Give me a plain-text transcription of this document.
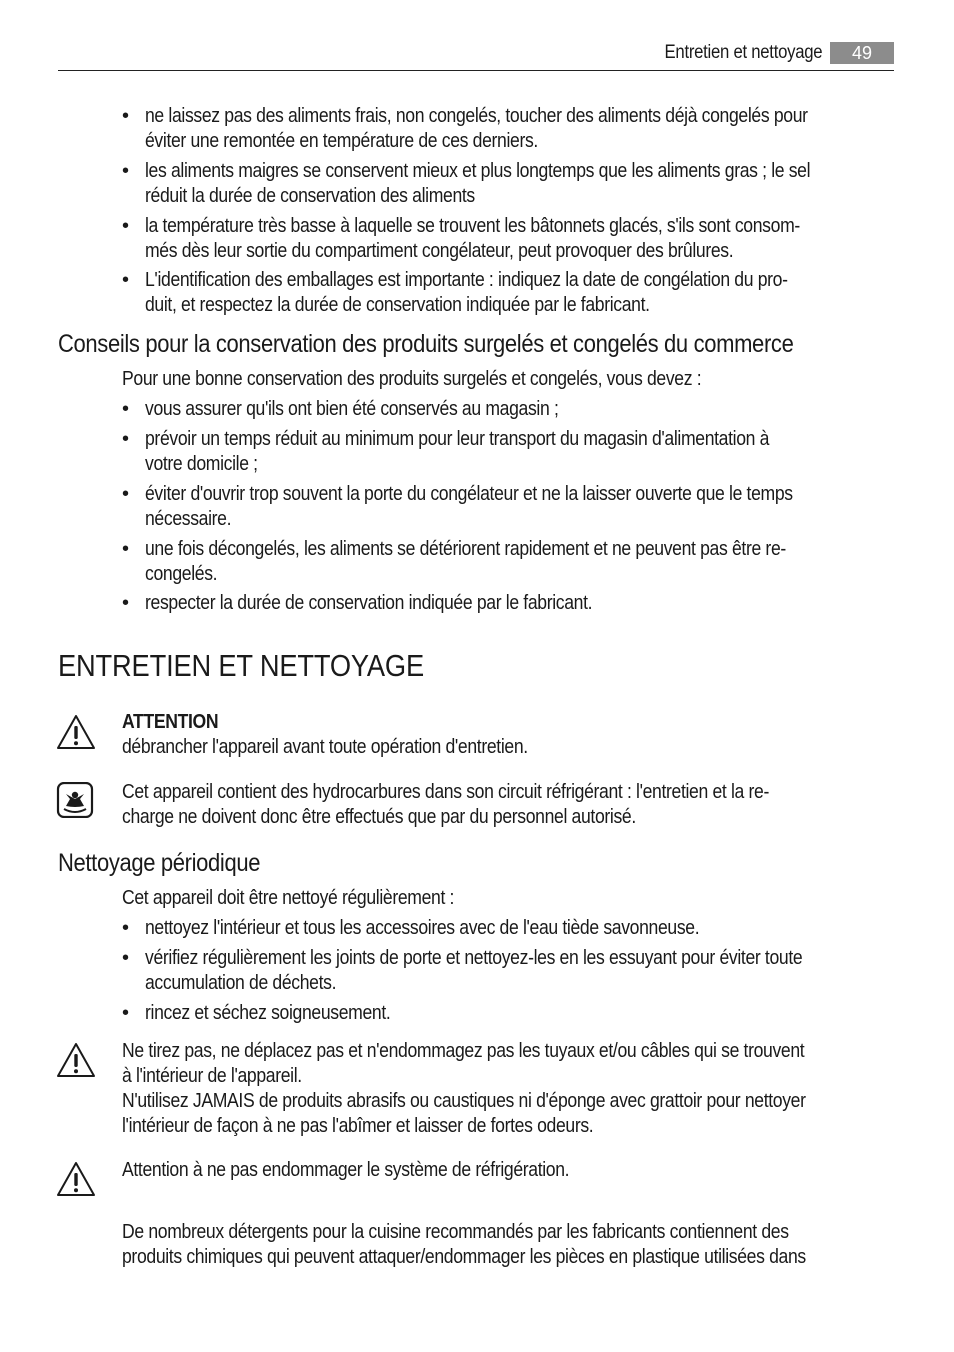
Entretien et nettoyage	49
• ne laissez pas des aliments frais, non congelés, toucher des aliments déjà congelés pour
éviter une remontée en température de ces derniers.
• les aliments maigres se conservent mieux et plus longtemps que les aliments gras ; le sel
réduit la durée de conservation des aliments
• la température très basse à laquelle se trouvent les bâtonnets glacés, s'ils sont consom-
més dès leur sortie du compartiment congélateur, peut provoquer des brûlures.
• L'identification des emballages est importante : indiquez la date de congélation du pro-
duit, et respectez la durée de conservation indiquée par le fabricant.
Conseils pour la conservation des produits surgelés et congelés du commerce
Pour une bonne conservation des produits surgelés et congelés, vous devez :
• vous assurer qu'ils ont bien été conservés au magasin ;
• prévoir un temps réduit au minimum pour leur transport du magasin d'alimentation à
votre domicile ;
• éviter d'ouvrir trop souvent la porte du congélateur et ne la laisser ouverte que le temps
nécessaire.
• une fois décongelés, les aliments se détériorent rapidement et ne peuvent pas être re-
congelés.
• respecter la durée de conservation indiquée par le fabricant.
ENTRETIEN ET NETTOYAGE
ATTENTION
débrancher l'appareil avant toute opération d'entretien.
Cet appareil contient des hydrocarbures dans son circuit réfrigérant : l'entretien et la re-
charge ne doivent donc être effectués que par du personnel autorisé.
Nettoyage périodique
Cet appareil doit être nettoyé régulièrement :
• nettoyez l'intérieur et tous les accessoires avec de l'eau tiède savonneuse.
• vérifiez régulièrement les joints de porte et nettoyez-les en les essuyant pour éviter toute
accumulation de déchets.
• rincez et séchez soigneusement.
Ne tirez pas, ne déplacez pas et n'endommagez pas les tuyaux et/ou câbles qui se trouvent
à l'intérieur de l'appareil.
N'utilisez JAMAIS de produits abrasifs ou caustiques ni d'éponge avec grattoir pour nettoyer
l'intérieur de façon à ne pas l'abîmer et laisser de fortes odeurs.
Attention à ne pas endommager le système de réfrigération.
De nombreux détergents pour la cuisine recommandés par les fabricants contiennent des
produits chimiques qui peuvent attaquer/endommager les pièces en plastique utilisées dans
